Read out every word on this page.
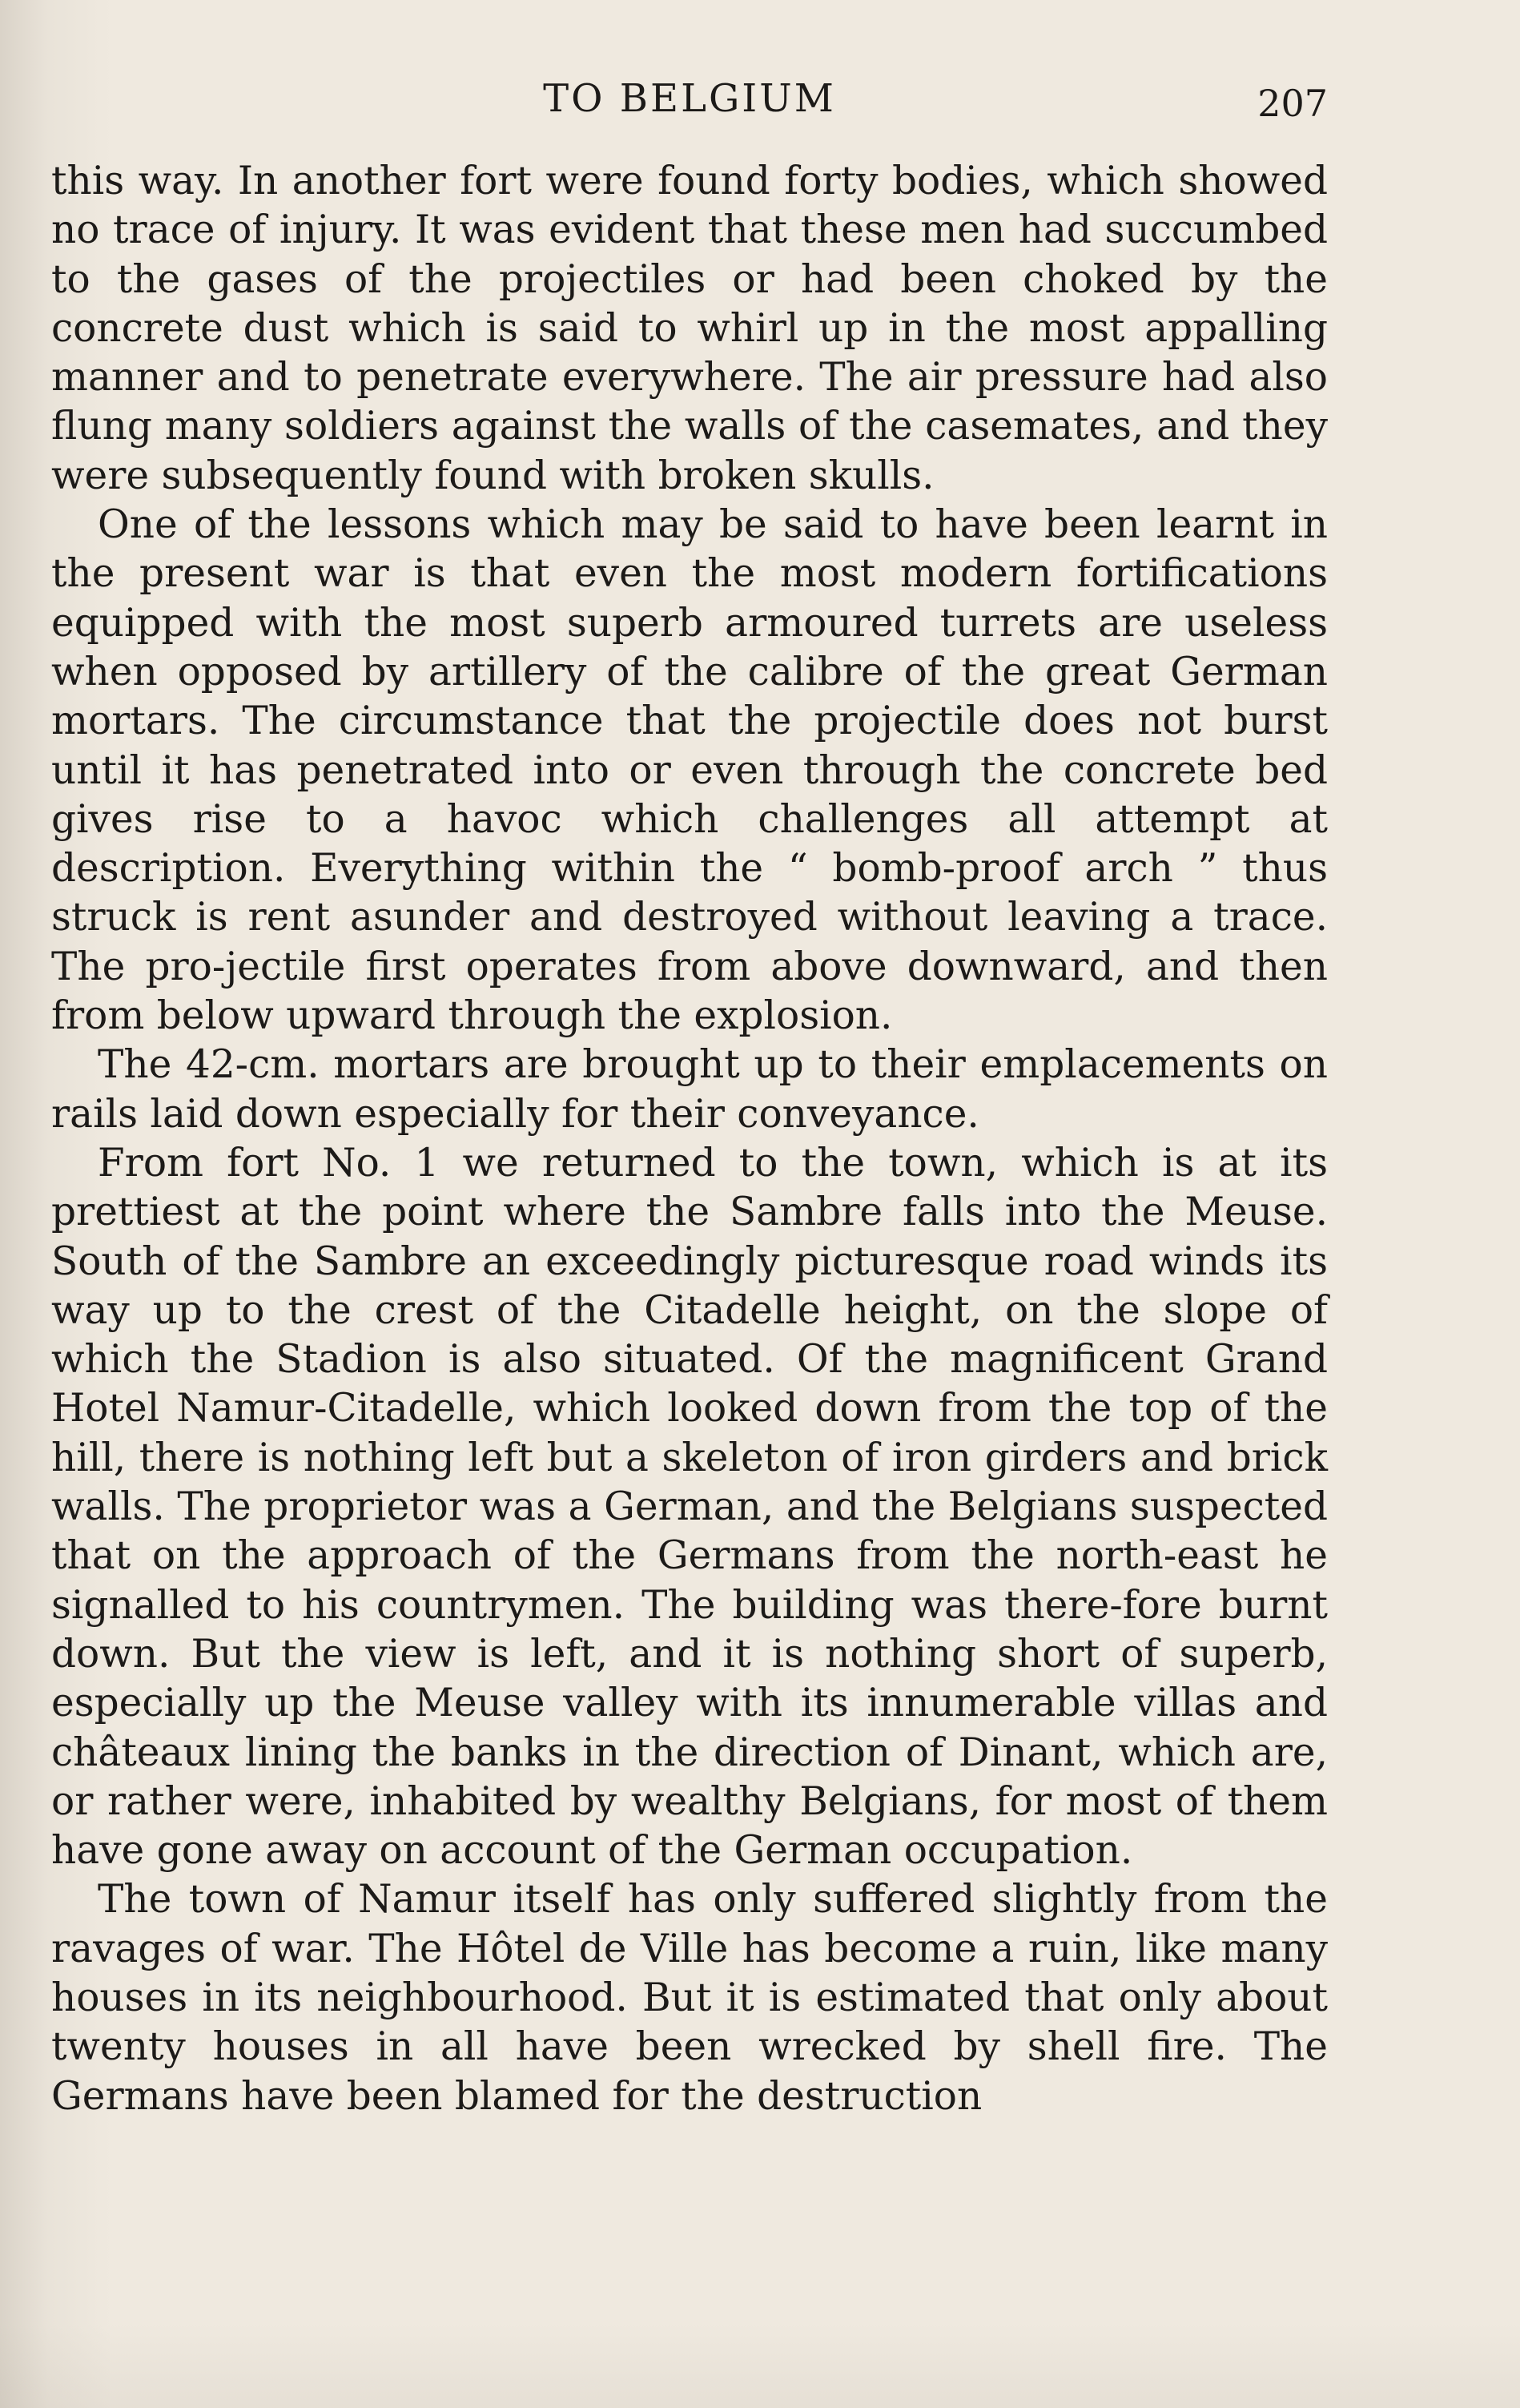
TO BELGIUM	207

this way. In another fort were found forty bodies, which showed no trace of injury. It was evident that these men had succumbed to the gases of the projectiles or had been choked by the concrete dust which is said to whirl up in the most appalling manner and to penetrate everywhere. The air pressure had also flung many soldiers against the walls of the casemates, and they were subsequently found with broken skulls.

One of the lessons which may be said to have been learnt in the present war is that even the most modern fortifications equipped with the most superb armoured turrets are useless when opposed by artillery of the calibre of the great German mortars. The circumstance that the projectile does not burst until it has penetrated into or even through the concrete bed gives rise to a havoc which challenges all attempt at description. Everything within the “ bomb-proof arch ” thus struck is rent asunder and destroyed without leaving a trace. The pro-jectile first operates from above downward, and then from below upward through the explosion.

The 42-cm. mortars are brought up to their emplacements on rails laid down especially for their conveyance.

From fort No. 1 we returned to the town, which is at its prettiest at the point where the Sambre falls into the Meuse. South of the Sambre an exceedingly picturesque road winds its way up to the crest of the Citadelle height, on the slope of which the Stadion is also situated. Of the magnificent Grand Hotel Namur-Citadelle, which looked down from the top of the hill, there is nothing left but a skeleton of iron girders and brick walls. The proprietor was a German, and the Belgians suspected that on the approach of the Germans from the north-east he signalled to his countrymen. The building was there-fore burnt down. But the view is left, and it is nothing short of superb, especially up the Meuse valley with its innumerable villas and châteaux lining the banks in the direction of Dinant, which are, or rather were, inhabited by wealthy Belgians, for most of them have gone away on account of the German occupation.

The town of Namur itself has only suffered slightly from the ravages of war. The Hôtel de Ville has become a ruin, like many houses in its neighbourhood. But it is estimated that only about twenty houses in all have been wrecked by shell fire. The Germans have been blamed for the destruction
